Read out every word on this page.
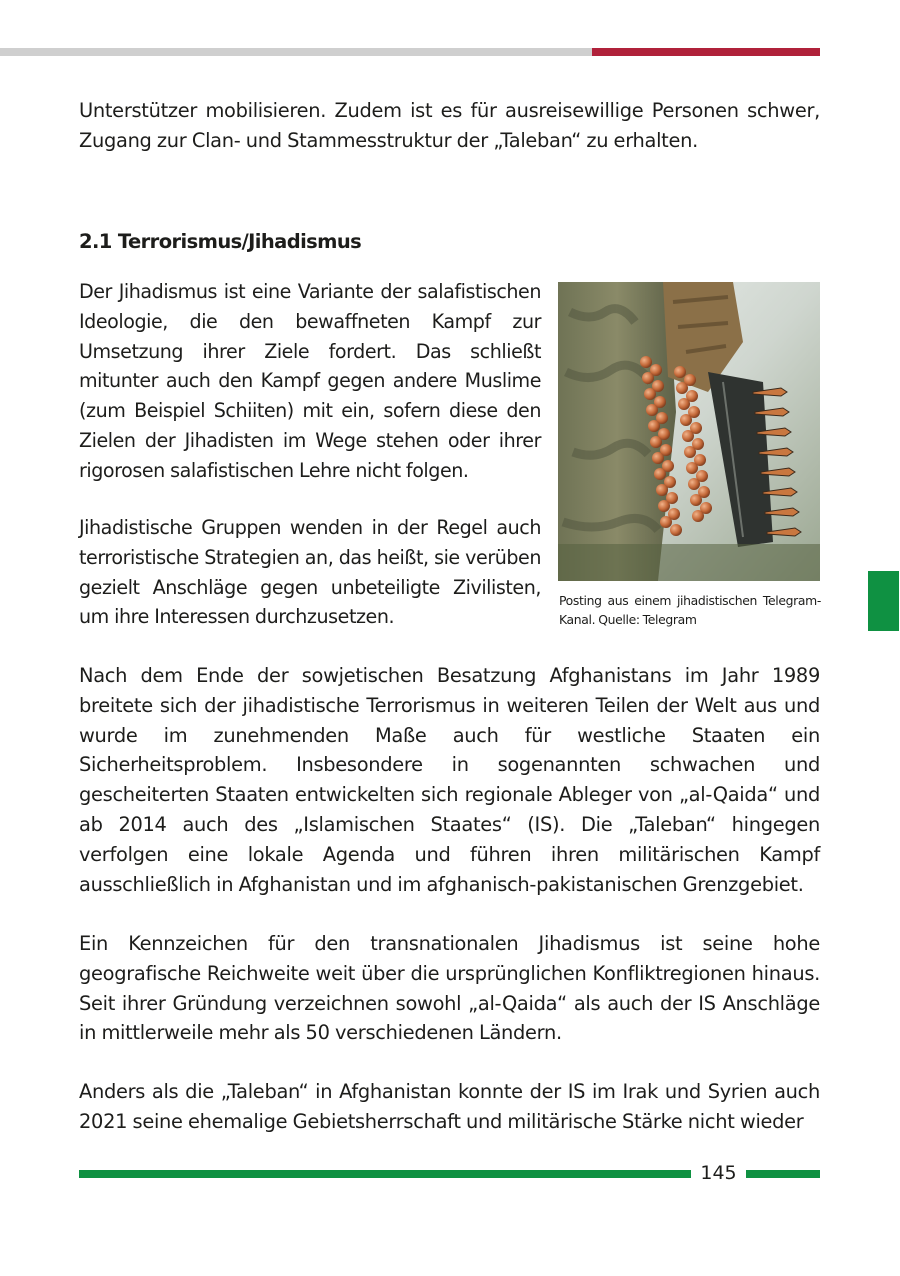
Unterstützer mobilisieren. Zudem ist es für ausreisewillige Personen schwer, Zugang zur Clan- und Stammesstruktur der „Taleban“ zu erhalten.

2.1 Terrorismus/Jihadismus

Der Jihadismus ist eine Variante der salafistischen Ideologie, die den bewaffneten Kampf zur Umsetzung ihrer Ziele fordert. Das schließt mitunter auch den Kampf gegen andere Muslime (zum Beispiel Schiiten) mit ein, sofern diese den Zielen der Jihadisten im Wege stehen oder ihrer rigorosen salafistischen Lehre nicht folgen.

Jihadistische Gruppen wenden in der Regel auch terroristische Strategien an, das heißt, sie verüben gezielt Anschläge gegen unbeteiligte Zivilisten, um ihre Interessen durchzusetzen.

Posting aus einem jihadistischen Telegram-Kanal. Quelle: Telegram

Nach dem Ende der sowjetischen Besatzung Afghanistans im Jahr 1989 breitete sich der jihadistische Terrorismus in weiteren Teilen der Welt aus und wurde im zunehmenden Maße auch für westliche Staaten ein Sicherheitsproblem. Insbesondere in sogenannten schwachen und gescheiterten Staaten entwickelten sich regionale Ableger von „al-Qaida“ und ab 2014 auch des „Islamischen Staates“ (IS). Die „Taleban“ hingegen verfolgen eine lokale Agenda und führen ihren militärischen Kampf ausschließlich in Afghanistan und im afghanisch-pakistanischen Grenzgebiet.

Ein Kennzeichen für den transnationalen Jihadismus ist seine hohe geografische Reichweite weit über die ursprünglichen Konfliktregionen hinaus. Seit ihrer Gründung verzeichnen sowohl „al-Qaida“ als auch der IS Anschläge in mittlerweile mehr als 50 verschiedenen Ländern.

Anders als die „Taleban“ in Afghanistan konnte der IS im Irak und Syrien auch 2021 seine ehemalige Gebietsherrschaft und militärische Stärke nicht wieder

145
